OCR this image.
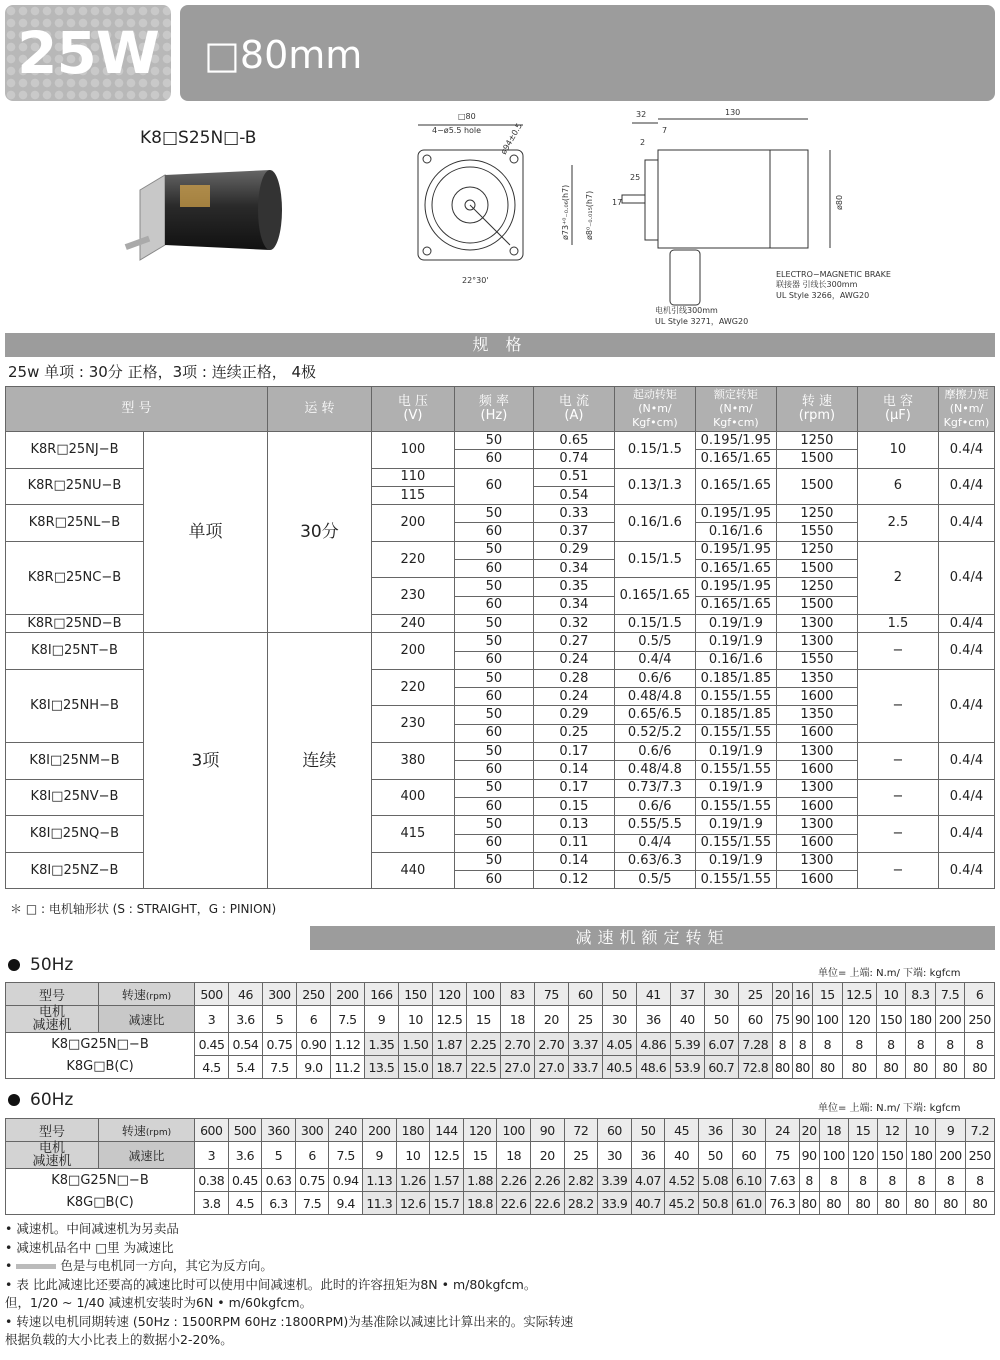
25W	□80mm
K8□S25N□-B
□80
4−ø5.5 hole ø94±0.5
22°30'
32	130
7
2
25
17
ø73⁺⁰₋₀.₀₆(h7) ø8⁰₋₀.₀₁₅(h7)	ø80
ELECTRO−MAGNETIC BRAKE
联接器 引线长300mm
UL Style 3266，AWG20
电机引线300mm
UL Style 3271，AWG20
规 格
25w 单项 : 30分 正格，3项 : 连续正格， 4极
型 号		运 转	电 压
(V)	频 率
(Hz)	电 流
(A)	起动转矩
(N•m/
Kgf•cm)	额定转矩
(N•m/
Kgf•cm)	转 速
(rpm)	电 容
(μF)	摩擦力矩
(N•m/
Kgf•cm)
K8R□25NJ−B	单项	30分	100	50	0.65	0.15/1.5	0.195/1.95	1250	10	0.4/4
				60	0.74		0.165/1.65	1500		
K8R□25NU−B			110	60	0.51	0.13/1.3	0.165/1.65	1500	6	0.4/4
			115		0.54					
K8R□25NL−B			200	50	0.33	0.16/1.6	0.195/1.95	1250	2.5	0.4/4
				60	0.37		0.16/1.6	1550		
K8R□25NC−B			220	50	0.29	0.15/1.5	0.195/1.95	1250	2	0.4/4
				60	0.34		0.165/1.65	1500		
			230	50	0.35	0.165/1.65	0.195/1.95	1250		
				60	0.34		0.165/1.65	1500		
K8R□25ND−B			240	50	0.32	0.15/1.5	0.19/1.9	1300	1.5	0.4/4
K8I□25NT−B	3项	连续	200	50	0.27	0.5/5	0.19/1.9	1300	−	0.4/4
				60	0.24	0.4/4	0.16/1.6	1550		
K8I□25NH−B			220	50	0.28	0.6/6	0.185/1.85	1350	−	0.4/4
				60	0.24	0.48/4.8	0.155/1.55	1600		
			230	50	0.29	0.65/6.5	0.185/1.85	1350		
				60	0.25	0.52/5.2	0.155/1.55	1600		
K8I□25NM−B			380	50	0.17	0.6/6	0.19/1.9	1300	−	0.4/4
				60	0.14	0.48/4.8	0.155/1.55	1600		
K8I□25NV−B			400	50	0.17	0.73/7.3	0.19/1.9	1300	−	0.4/4
				60	0.15	0.6/6	0.155/1.55	1600		
K8I□25NQ−B			415	50	0.13	0.55/5.5	0.19/1.9	1300	−	0.4/4
				60	0.11	0.4/4	0.155/1.55	1600		
K8I□25NZ−B			440	50	0.14	0.63/6.3	0.19/1.9	1300	−	0.4/4
				60	0.12	0.5/5	0.155/1.55	1600		
＊ □ : 电机轴形状 (S : STRAIGHT，G : PINION)
减速机额定转矩
50Hz	单位= 上端: N.m/ 下端: kgfcm
型号	转速(rpm)	500	46	300	250	200	166	150	120	100	83	75	60	50	41	37	30	25	20	16	15	12.5	10	8.3	7.5	6
电机
减速机	减速比	3	3.6	5	6	7.5	9	10	12.5	15	18	20	25	30	36	40	50	60	75	90	100	120	150	180	200	250

K8□G25N□−B
K8G□B(C)		0.45	0.54	0.75	0.90	1.12	1.35	1.50	1.87	2.25	2.70	2.70	3.37	4.05	4.86	5.39	6.07	7.28	8	8	8	8	8	8	8	8
		4.5	5.4	7.5	9.0	11.2	13.5	15.0	18.7	22.5	27.0	27.0	33.7	40.5	48.6	53.9	60.7	72.8	80	80	80	80	80	80	80	80
60Hz	单位= 上端: N.m/ 下端: kgfcm
型号	转速(rpm)	600	500	360	300	240	200	180	144	120	100	90	72	60	50	45	36	30	24	20	18	15	12	10	9	7.2
电机
减速机	减速比	3	3.6	5	6	7.5	9	10	12.5	15	18	20	25	30	36	40	50	60	75	90	100	120	150	180	200	250

K8□G25N□−B
K8G□B(C)		0.38	0.45	0.63	0.75	0.94	1.13	1.26	1.57	1.88	2.26	2.26	2.82	3.39	4.07	4.52	5.08	6.10	7.63	8	8	8	8	8	8	8
		3.8	4.5	6.3	7.5	9.4	11.3	12.6	15.7	18.8	22.6	22.6	28.2	33.9	40.7	45.2	50.8	61.0	76.3	80	80	80	80	80	80	80
• 减速机。中间减速机为另卖品
• 减速机品名中 □里 为减速比
•	色是与电机同一方向，其它为反方向。
• 表 比此减速比还要高的减速比时可以使用中间减速机。此时的许容扭矩为8N • m/80kgfcm。
但，1/20 ~ 1/40 减速机安装时为6N • m/60kgfcm。
• 转速以电机同期转速 (50Hz : 1500RPM 60Hz :1800RPM)为基准除以减速比计算出来的。实际转速
根据负载的大小比表上的数据小2-20%。
